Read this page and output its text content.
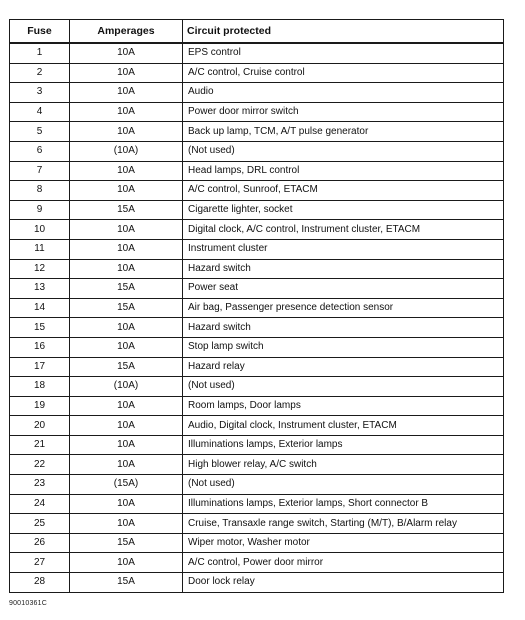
Fuse	Amperages	Circuit protected
1	10A	EPS control
2	10A	A/C control, Cruise control
3	10A	Audio
4	10A	Power door mirror switch
5	10A	Back up lamp, TCM, A/T pulse generator
6	(10A)	(Not used)
7	10A	Head lamps, DRL control
8	10A	A/C control, Sunroof, ETACM
9	15A	Cigarette lighter, socket
10	10A	Digital clock, A/C control, Instrument cluster, ETACM
11	10A	Instrument cluster
12	10A	Hazard switch
13	15A	Power seat
14	15A	Air bag, Passenger presence detection sensor
15	10A	Hazard switch
16	10A	Stop lamp switch
17	15A	Hazard relay
18	(10A)	(Not used)
19	10A	Room lamps, Door lamps
20	10A	Audio, Digital clock, Instrument cluster, ETACM
21	10A	Illuminations lamps, Exterior lamps
22	10A	High blower relay, A/C switch
23	(15A)	(Not used)
24	10A	Illuminations lamps, Exterior lamps, Short connector B
25	10A	Cruise, Transaxle range switch, Starting (M/T), B/Alarm relay
26	15A	Wiper motor, Washer motor
27	10A	A/C control, Power door mirror
28	15A	Door lock relay
90010361C
